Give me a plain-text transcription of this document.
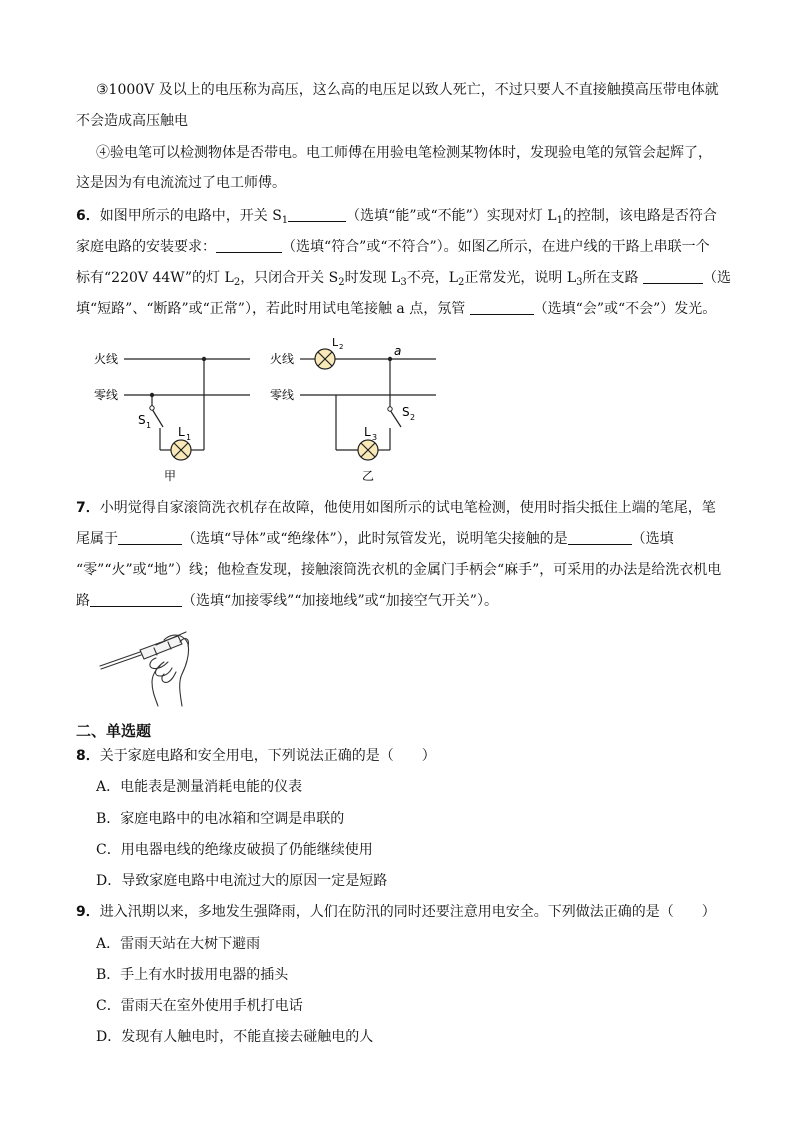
③1000V 及以上的电压称为高压，这么高的电压足以致人死亡，不过只要人不直接触摸高压带电体就
不会造成高压触电
④验电笔可以检测物体是否带电。电工师傅在用验电笔检测某物体时，发现验电笔的氖管会起辉了，
这是因为有电流流过了电工师傅。
6．如图甲所示的电路中，开关 $S_1$	（选填“能”或“不能”）实现对灯 $L_1$的控制，该电路是否符合
家庭电路的安装要求：	（选填“符合”或“不符合”）。如图乙所示，在进户线的干路上串联一个
标有“220V 44W”的灯 $L_2$，只闭合开关 $S_2$时发现 $L_3$不亮，$L_2$正常发光，说明 $L_3$所在支路	（选
填“短路”、“断路”或“正常”），若此时用试电笔接触 a 点，氖管	（选填“会”或“不会”）发光。
火线
零线
S 1 L 1
甲
火线
零线
L 2	a
S 2
L 3
乙
7．小明觉得自家滚筒洗衣机存在故障，他使用如图所示的试电笔检测，使用时指尖抵住上端的笔尾，笔
尾属于	（选填“导体”或“绝缘体”），此时氖管发光，说明笔尖接触的是	（选填
“零”“火”或“地”）线；他检查发现，接触滚筒洗衣机的金属门手柄会“麻手”，可采用的办法是给洗衣机电
路	（选填“加接零线”“加接地线”或“加接空气开关”）。
二、单选题
8．关于家庭电路和安全用电，下列说法正确的是（　　）
A．电能表是测量消耗电能的仪表
B．家庭电路中的电冰箱和空调是串联的
C．用电器电线的绝缘皮破损了仍能继续使用
D．导致家庭电路中电流过大的原因一定是短路
9．进入汛期以来，多地发生强降雨，人们在防汛的同时还要注意用电安全。下列做法正确的是（　　）
A．雷雨天站在大树下避雨
B．手上有水时拔用电器的插头
C．雷雨天在室外使用手机打电话
D．发现有人触电时，不能直接去碰触电的人
